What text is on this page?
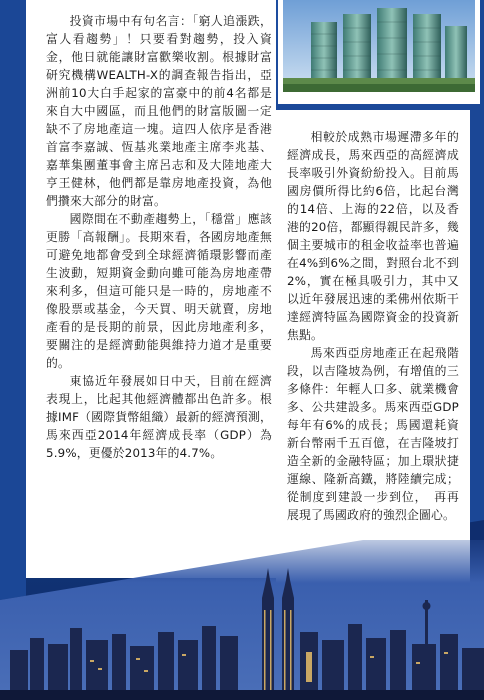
投資市場中有句名言：「窮人追漲跌，富人看趨勢」！只要看對趨勢，投入資金，他日就能讓財富歡樂收割。根據財富研究機構WEALTH-X的調查報告指出，亞洲前10大白手起家的富豪中的前4名都是來自大中國區，而且他們的財富版圖一定缺不了房地產這一塊。這四人依序是香港首富李嘉誠、恆基兆業地產主席李兆基、嘉華集團董事會主席呂志和及大陸地產大亨王健林，他們都是靠房地產投資，為他們攢來大部分的財富。

國際間在不動產趨勢上，「穩當」應該更勝「高報酬」。長期來看，各國房地產無可避免地都會受到全球經濟循環影響而產生波動，短期資金動向雖可能為房地產帶來利多，但這可能只是一時的，房地產不像股票或基金，今天買、明天就賣，房地產看的是長期的前景，因此房地產利多，要關注的是經濟動能與維持力道才是重要的。

東協近年發展如日中天，目前在經濟表現上，比起其他經濟體都出色許多。根據IMF（國際貨幣組織）最新的經濟預測，馬來西亞2014年經濟成長率（GDP）為5.9%，更優於2013年的4.7%。

相較於成熟市場遲滯多年的經濟成長，馬來西亞的高經濟成長率吸引外資紛紛投入。目前馬國房價所得比約6倍，比起台灣的14倍、上海的22倍，以及香港的20倍，都顯得親民許多，幾個主要城市的租金收益率也普遍在4%到6%之間，對照台北不到2%，實在極具吸引力，其中又以近年發展迅速的柔佛州依斯干達經濟特區為國際資金的投資新焦點。

馬來西亞房地產正在起飛階段，以吉隆坡為例，有增值的三多條件：年輕人口多、就業機會多、公共建設多。馬來西亞GDP每年有6%的成長；馬國還耗資新台幣兩千五百億，在吉隆坡打造全新的金融特區；加上環狀捷運線、隆新高鐵，將陸續完成；從制度到建設一步到位，　再再展現了馬國政府的強烈企圖心。
